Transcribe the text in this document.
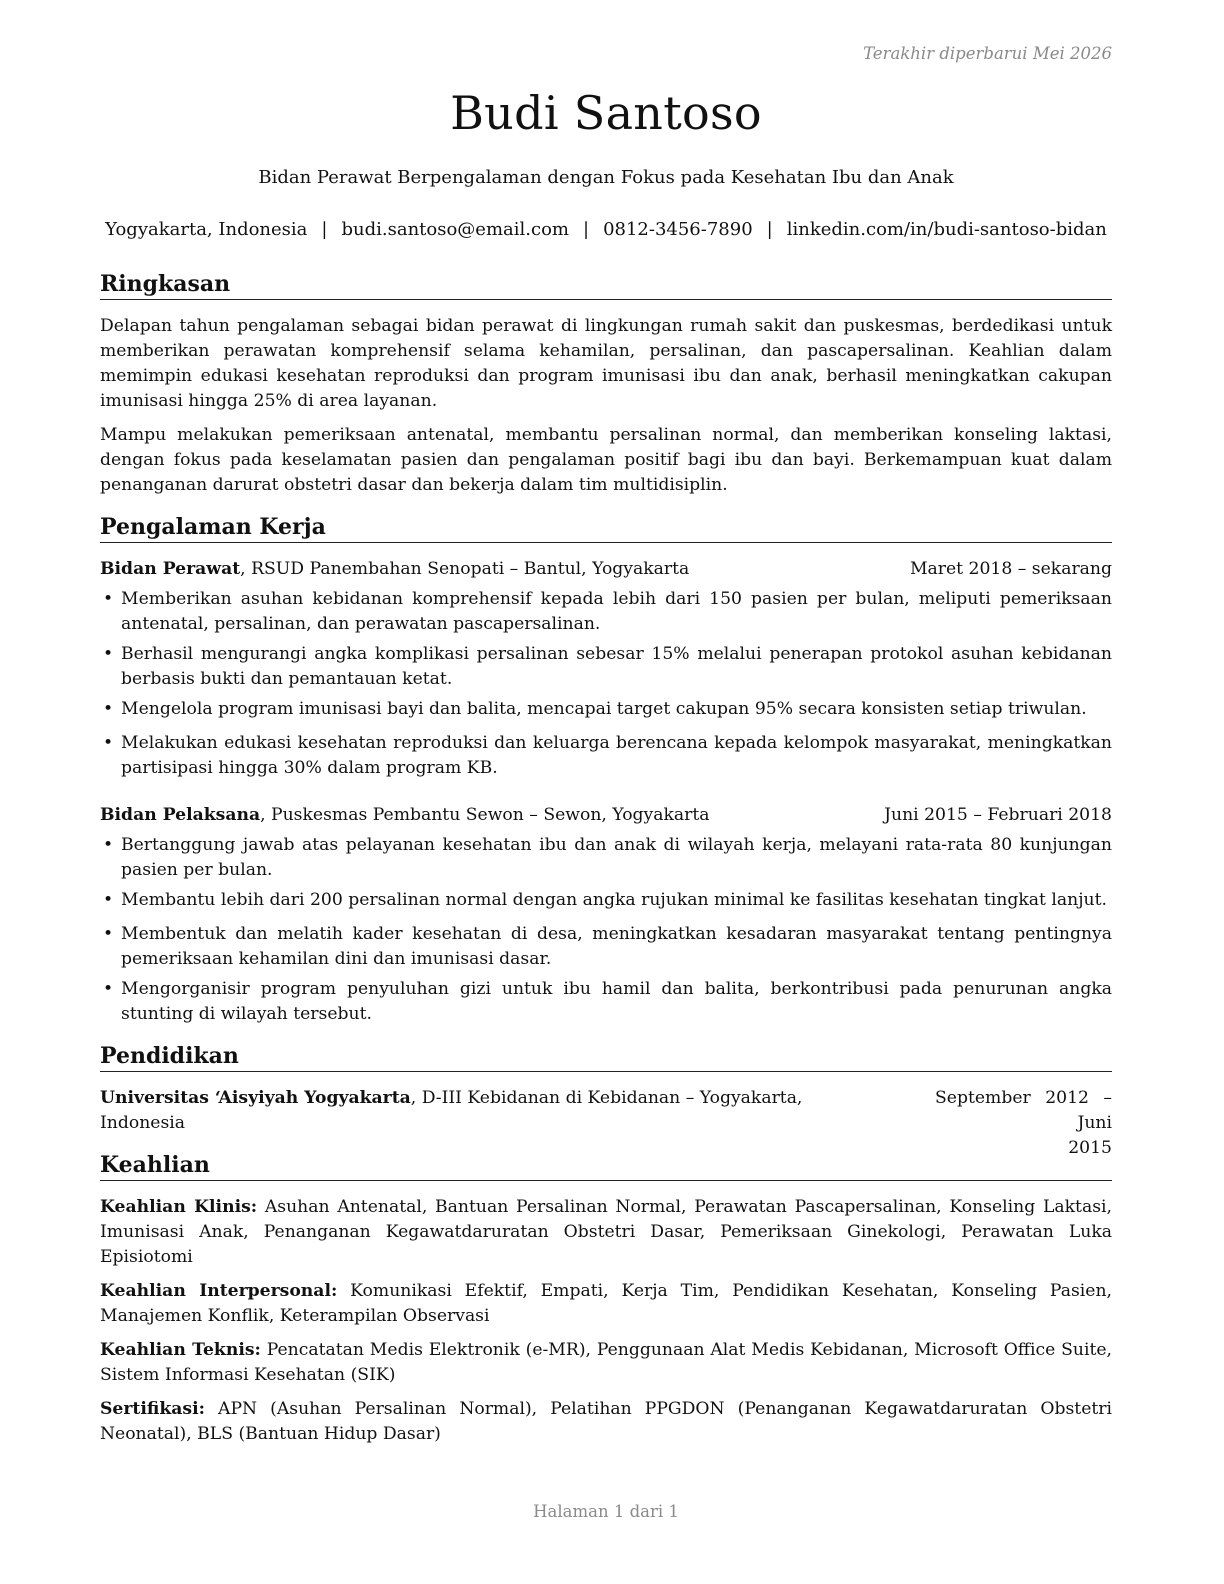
Terakhir diperbarui Mei 2026
Budi Santoso
Bidan Perawat Berpengalaman dengan Fokus pada Kesehatan Ibu dan Anak
Yogyakarta, Indonesia | budi.santoso@email.com | 0812-3456-7890 | linkedin.com/in/budi-santoso-bidan
Ringkasan

Delapan tahun pengalaman sebagai bidan perawat di lingkungan rumah sakit dan puskesmas, berdedikasi untuk memberikan perawatan komprehensif selama kehamilan, persalinan, dan pascapersalinan. Keahlian dalam memimpin edukasi kesehatan reproduksi dan program imunisasi ibu dan anak, berhasil meningkatkan cakupan imunisasi hingga 25% di area layanan.

Mampu melakukan pemeriksaan antenatal, membantu persalinan normal, dan memberikan konseling laktasi, dengan fokus pada keselamatan pasien dan pengalaman positif bagi ibu dan bayi. Berkemampuan kuat dalam penanganan darurat obstetri dasar dan bekerja dalam tim multidisiplin.

Pengalaman Kerja
Bidan Perawat, RSUD Panembahan Senopati – Bantul, Yogyakarta	Maret 2018 – sekarang
• Memberikan asuhan kebidanan komprehensif kepada lebih dari 150 pasien per bulan, meliputi pemeriksaan antenatal, persalinan, dan perawatan pascapersalinan.
• Berhasil mengurangi angka komplikasi persalinan sebesar 15% melalui penerapan protokol asuhan kebidanan berbasis bukti dan pemantauan ketat.
• Mengelola program imunisasi bayi dan balita, mencapai target cakupan 95% secara konsisten setiap triwulan.
• Melakukan edukasi kesehatan reproduksi dan keluarga berencana kepada kelompok masyarakat, meningkatkan partisipasi hingga 30% dalam program KB.
Bidan Pelaksana, Puskesmas Pembantu Sewon – Sewon, Yogyakarta	Juni 2015 – Februari 2018
• Bertanggung jawab atas pelayanan kesehatan ibu dan anak di wilayah kerja, melayani rata-rata 80 kunjungan pasien per bulan.
• Membantu lebih dari 200 persalinan normal dengan angka rujukan minimal ke fasilitas kesehatan tingkat lanjut.
• Membentuk dan melatih kader kesehatan di desa, meningkatkan kesadaran masyarakat tentang pentingnya pemeriksaan kehamilan dini dan imunisasi dasar.
• Mengorganisir program penyuluhan gizi untuk ibu hamil dan balita, berkontribusi pada penurunan angka stunting di wilayah tersebut.
Pendidikan
Universitas ‘Aisyiyah Yogyakarta, D-III Kebidanan di Kebidanan – Yogyakarta, Indonesia
September 2012 – Juni
2015
Keahlian

Keahlian Klinis: Asuhan Antenatal, Bantuan Persalinan Normal, Perawatan Pascapersalinan, Konseling Laktasi, Imunisasi Anak, Penanganan Kegawatdaruratan Obstetri Dasar, Pemeriksaan Ginekologi, Perawatan Luka Episiotomi

Keahlian Interpersonal: Komunikasi Efektif, Empati, Kerja Tim, Pendidikan Kesehatan, Konseling Pasien, Manajemen Konflik, Keterampilan Observasi

Keahlian Teknis: Pencatatan Medis Elektronik (e-MR), Penggunaan Alat Medis Kebidanan, Microsoft Office Suite, Sistem Informasi Kesehatan (SIK)

Sertifikasi: APN (Asuhan Persalinan Normal), Pelatihan PPGDON (Penanganan Kegawatdaruratan Obstetri Neonatal), BLS (Bantuan Hidup Dasar)

Halaman 1 dari 1
